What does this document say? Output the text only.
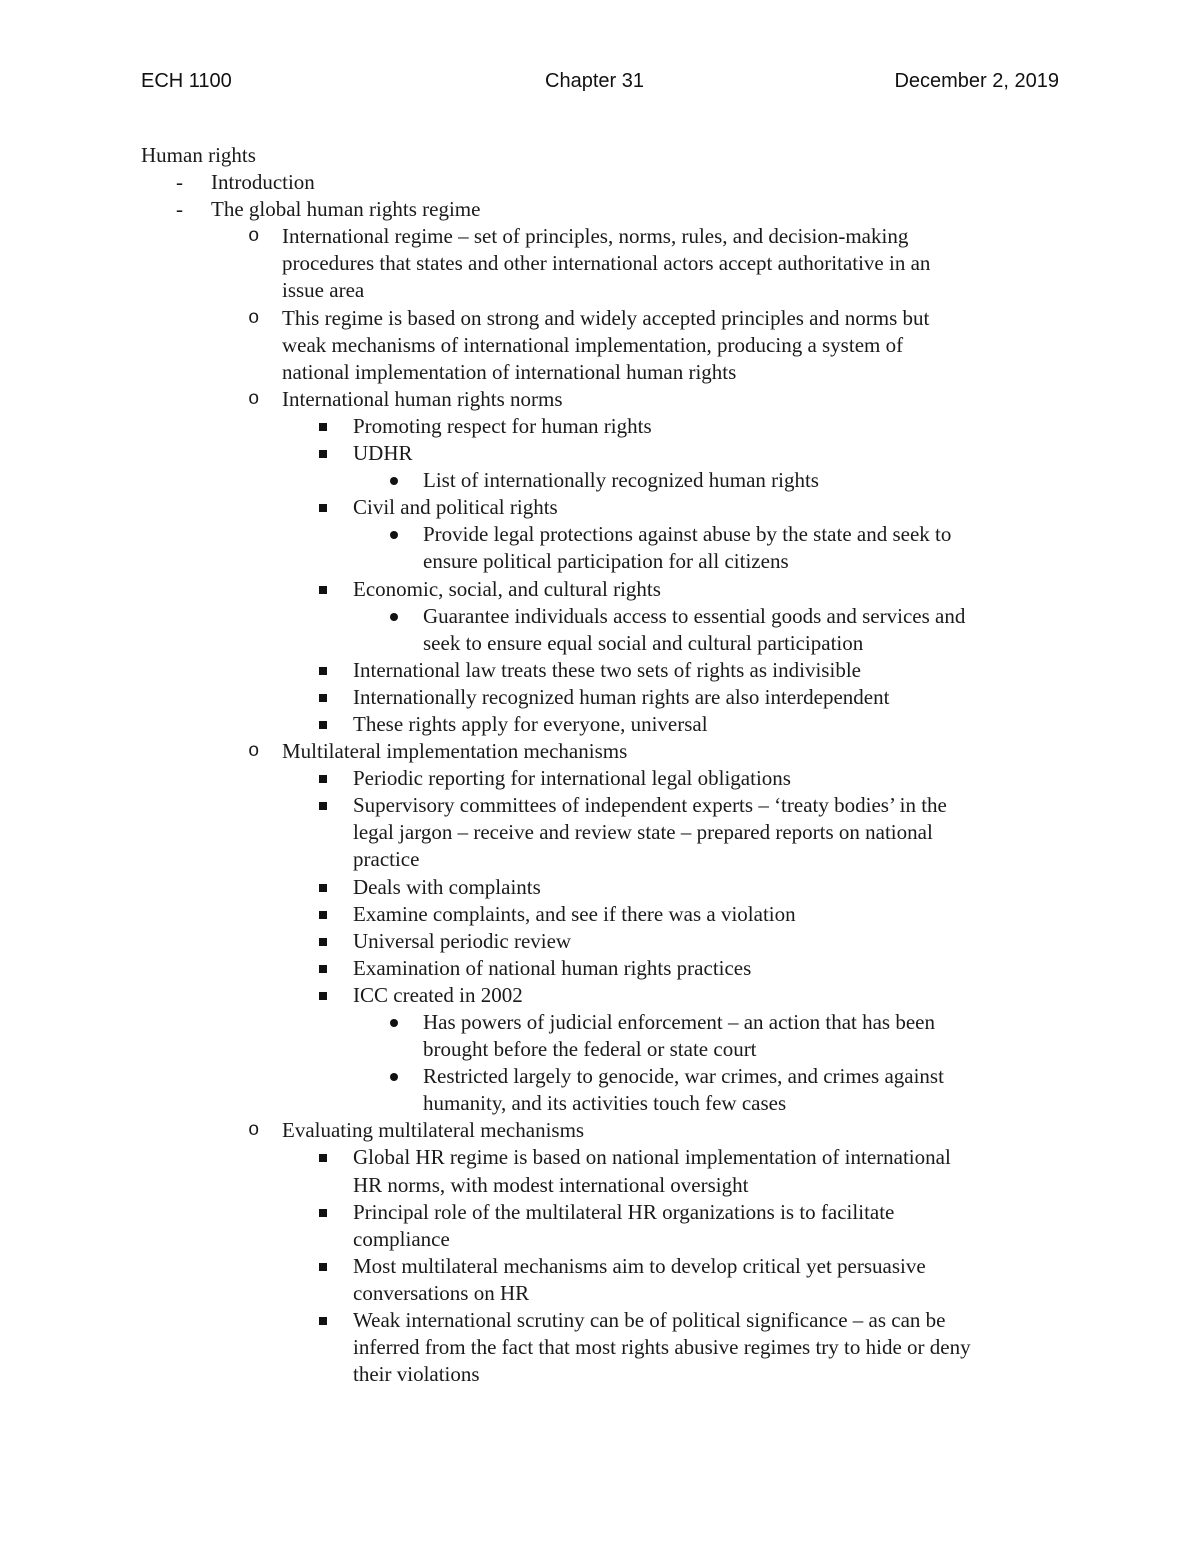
ECH 1100	Chapter 31	December 2, 2019
Human rights
- Introduction
- The global human rights regime
o International regime – set of principles, norms, rules, and decision-making
procedures that states and other international actors accept authoritative in an
issue area
o This regime is based on strong and widely accepted principles and norms but
weak mechanisms of international implementation, producing a system of
national implementation of international human rights
o International human rights norms
Promoting respect for human rights
UDHR
List of internationally recognized human rights
Civil and political rights
Provide legal protections against abuse by the state and seek to
ensure political participation for all citizens
Economic, social, and cultural rights
Guarantee individuals access to essential goods and services and
seek to ensure equal social and cultural participation
International law treats these two sets of rights as indivisible
Internationally recognized human rights are also interdependent
These rights apply for everyone, universal
o Multilateral implementation mechanisms
Periodic reporting for international legal obligations
Supervisory committees of independent experts – ‘treaty bodies’ in the
legal jargon – receive and review state – prepared reports on national
practice
Deals with complaints
Examine complaints, and see if there was a violation
Universal periodic review
Examination of national human rights practices
ICC created in 2002
Has powers of judicial enforcement – an action that has been
brought before the federal or state court
Restricted largely to genocide, war crimes, and crimes against
humanity, and its activities touch few cases
o Evaluating multilateral mechanisms
Global HR regime is based on national implementation of international
HR norms, with modest international oversight
Principal role of the multilateral HR organizations is to facilitate
compliance
Most multilateral mechanisms aim to develop critical yet persuasive
conversations on HR
Weak international scrutiny can be of political significance – as can be
inferred from the fact that most rights abusive regimes try to hide or deny
their violations
